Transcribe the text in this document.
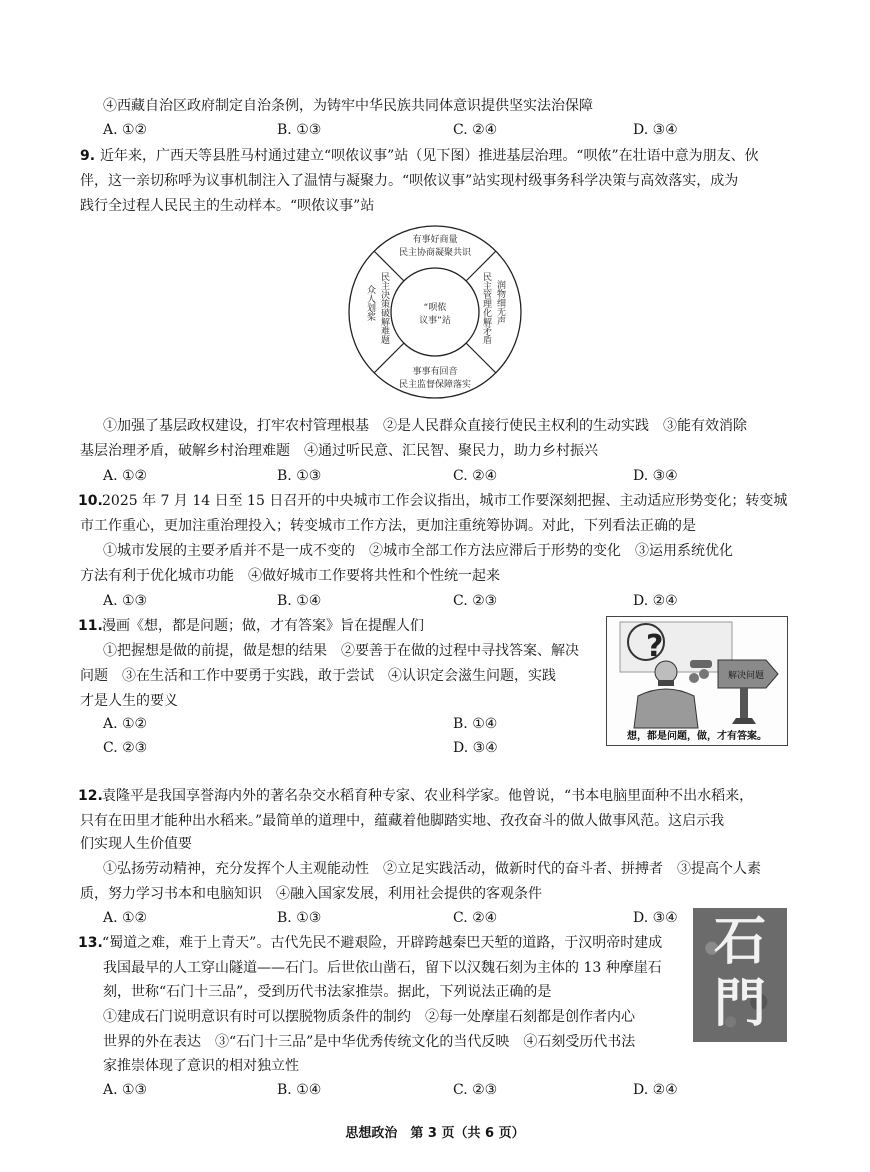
④西藏自治区政府制定自治条例，为铸牢中华民族共同体意识提供坚实法治保障
A. ①②	B. ①③	C. ②④	D. ③④
9. 近年来，广西天等县胜马村通过建立“呗侬议事”站（见下图）推进基层治理。“呗侬”在壮语中意为朋友、伙
伴，这一亲切称呼为议事机制注入了温情与凝聚力。“呗侬议事”站实现村级事务科学决策与高效落实，成为
践行全过程人民民主的生动样本。“呗侬议事”站
“呗侬
议事”站
有事好商量
民主协商凝聚共识
事事有回音
民主监督保障落实
民主决策破解难题
众人划桨	民主管理化解矛盾 润物细无声
①加强了基层政权建设，打牢农村管理根基　②是人民群众直接行使民主权利的生动实践　③能有效消除
基层治理矛盾，破解乡村治理难题　④通过听民意、汇民智、聚民力，助力乡村振兴
A. ①②	B. ①③	C. ②④	D. ③④
10. 2025 年 7 月 14 日至 15 日召开的中央城市工作会议指出，城市工作要深刻把握、主动适应形势变化；转变城
市工作重心，更加注重治理投入；转变城市工作方法，更加注重统筹协调。对此，下列看法正确的是
①城市发展的主要矛盾并不是一成不变的　②城市全部工作方法应滞后于形势的变化　③运用系统优化
方法有利于优化城市功能　④做好城市工作要将共性和个性统一起来
A. ①③	B. ①④	C. ②③	D. ②④
11. 漫画《想，都是问题；做，才有答案》旨在提醒人们
①把握想是做的前提，做是想的结果　②要善于在做的过程中寻找答案、解决
问题　③在生活和工作中要勇于实践，敢于尝试　④认识定会滋生问题，实践
才是人生的要义
A. ①②	B. ①④
C. ②③	D. ③④
?
解决问题
想，都是问题，做，才有答案。
12. 袁隆平是我国享誉海内外的著名杂交水稻育种专家、农业科学家。他曾说，“书本电脑里面种不出水稻来，
只有在田里才能种出水稻来。”最简单的道理中，蕴藏着他脚踏实地、孜孜奋斗的做人做事风范。这启示我
们实现人生价值要
①弘扬劳动精神，充分发挥个人主观能动性　②立足实践活动，做新时代的奋斗者、拼搏者　③提高个人素
质，努力学习书本和电脑知识　④融入国家发展，利用社会提供的客观条件
A. ①②	B. ①③	C. ②④	D. ③④
13. “蜀道之难，难于上青天”。古代先民不避艰险，开辟跨越秦巴天堑的道路，于汉明帝时建成
我国最早的人工穿山隧道——石门。后世依山凿石，留下以汉魏石刻为主体的 13 种摩崖石
刻，世称“石门十三品”，受到历代书法家推崇。据此，下列说法正确的是
①建成石门说明意识有时可以摆脱物质条件的制约　②每一处摩崖石刻都是创作者内心
世界的外在表达　③“石门十三品”是中华优秀传统文化的当代反映　④石刻受历代书法
家推崇体现了意识的相对独立性
A. ①③	B. ①④	C. ②③	D. ②④
石
門
思想政治　第 3 页（共 6 页）
